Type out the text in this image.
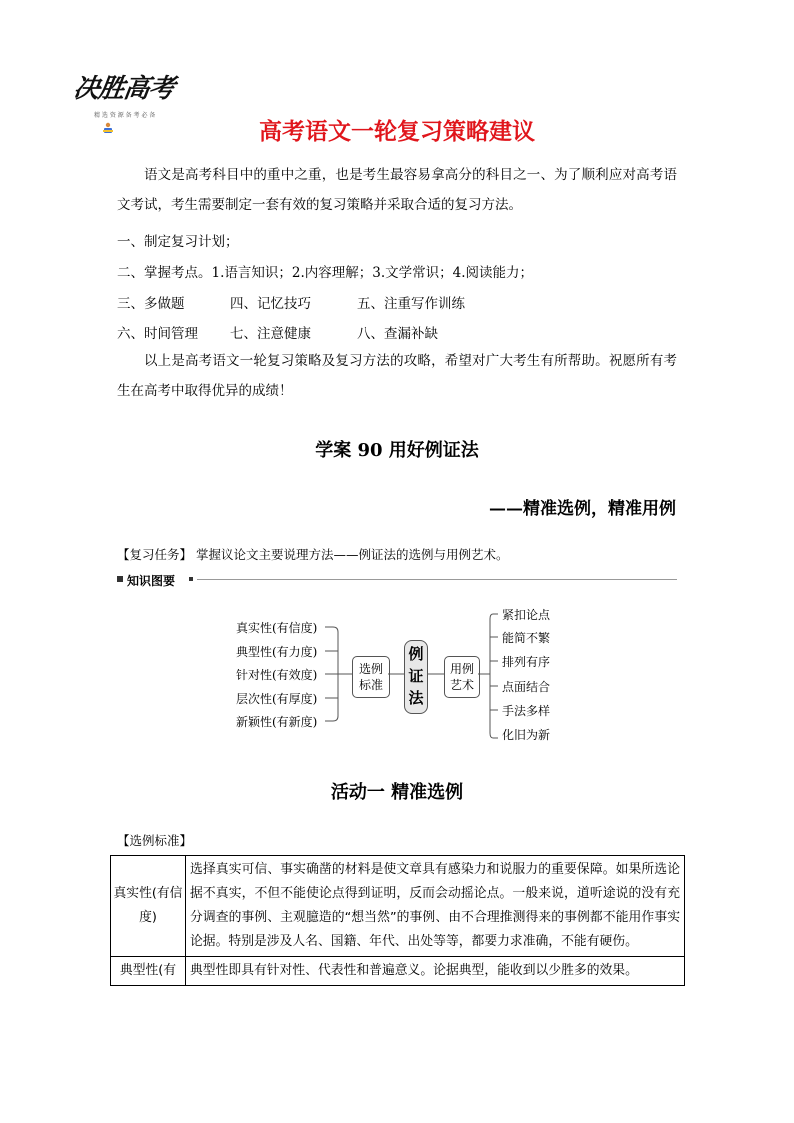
决胜高考
精 选 资 源 备 考 必 备
高考语文一轮复习策略建议
语文是高考科目中的重中之重，也是考生最容易拿高分的科目之一、为了顺利应对高考语文考试，考生需要制定一套有效的复习策略并采取合适的复习方法。
一、制定复习计划；
二、掌握考点。1.语言知识；2.内容理解；3.文学常识；4.阅读能力；
三、多做题	四、记忆技巧	五、注重写作训练
六、时间管理 七、注意健康	八、查漏补缺
以上是高考语文一轮复习策略及复习方法的攻略，希望对广大考生有所帮助。祝愿所有考生在高考中取得优异的成绩！
学案 90 用好例证法
——精准选例，精准用例
【复习任务】 掌握议论文主要说理方法——例证法的选例与用例艺术。
知识图要
真实性(有信度)
典型性(有力度)
针对性(有效度)
层次性(有厚度)
新颖性(有新度)
选例
标准
例
证
法
用例
艺术
紧扣论点
能简不繁
排列有序
点面结合
手法多样
化旧为新
活动一 精准选例
【选例标准】
真实性(有信度)	选择真实可信、事实确凿的材料是使文章具有感染力和说服力的重要保障。如果所选论据不真实，不但不能使论点得到证明，反而会动摇论点。一般来说，道听途说的没有充分调查的事例、主观臆造的“想当然”的事例、由不合理推测得来的事例都不能用作事实论据。特别是涉及人名、国籍、年代、出处等等，都要力求准确，不能有硬伤。
典型性(有	典型性即具有针对性、代表性和普遍意义。论据典型，能收到以少胜多的效果。
